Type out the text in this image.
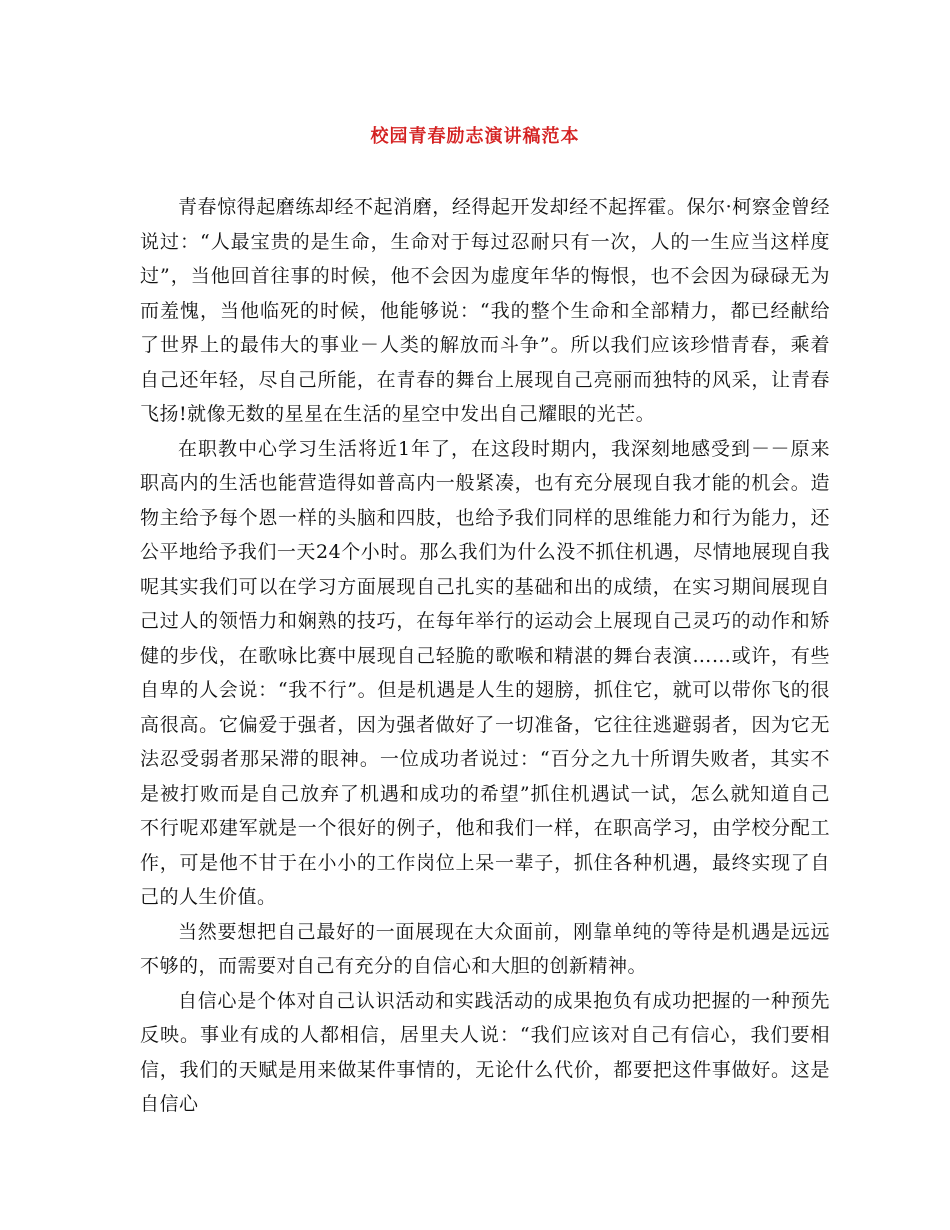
校园青春励志演讲稿范本

青春惊得起磨练却经不起消磨，经得起开发却经不起挥霍。保尔·柯察金曾经说过：“人最宝贵的是生命，生命对于每过忍耐只有一次，人的一生应当这样度过”，当他回首往事的时候，他不会因为虚度年华的悔恨，也不会因为碌碌无为而羞愧，当他临死的时候，他能够说：“我的整个生命和全部精力，都已经献给了世界上的最伟大的事业－人类的解放而斗争”。所以我们应该珍惜青春，乘着自己还年轻，尽自己所能，在青春的舞台上展现自己亮丽而独特的风采，让青春飞扬!就像无数的星星在生活的星空中发出自己耀眼的光芒。

在职教中心学习生活将近1年了，在这段时期内，我深刻地感受到－－原来职高内的生活也能营造得如普高内一般紧凑，也有充分展现自我才能的机会。造物主给予每个恩一样的头脑和四肢，也给予我们同样的思维能力和行为能力，还公平地给予我们一天24个小时。那么我们为什么没不抓住机遇，尽情地展现自我呢其实我们可以在学习方面展现自己扎实的基础和出的成绩，在实习期间展现自己过人的领悟力和娴熟的技巧，在每年举行的运动会上展现自己灵巧的动作和矫健的步伐，在歌咏比赛中展现自己轻脆的歌喉和精湛的舞台表演……或许，有些自卑的人会说：“我不行”。但是机遇是人生的翅膀，抓住它，就可以带你飞的很高很高。它偏爱于强者，因为强者做好了一切准备，它往往逃避弱者，因为它无法忍受弱者那呆滞的眼神。一位成功者说过：“百分之九十所谓失败者，其实不是被打败而是自己放弃了机遇和成功的希望”抓住机遇试一试，怎么就知道自己不行呢邓建军就是一个很好的例子，他和我们一样，在职高学习，由学校分配工作，可是他不甘于在小小的工作岗位上呆一辈子，抓住各种机遇，最终实现了自己的人生价值。

当然要想把自己最好的一面展现在大众面前，刚靠单纯的等待是机遇是远远不够的，而需要对自己有充分的自信心和大胆的创新精神。

自信心是个体对自己认识活动和实践活动的成果抱负有成功把握的一种预先反映。事业有成的人都相信，居里夫人说：“我们应该对自己有信心，我们要相信，我们的天赋是用来做某件事情的，无论什么代价，都要把这件事做好。这是自信心
